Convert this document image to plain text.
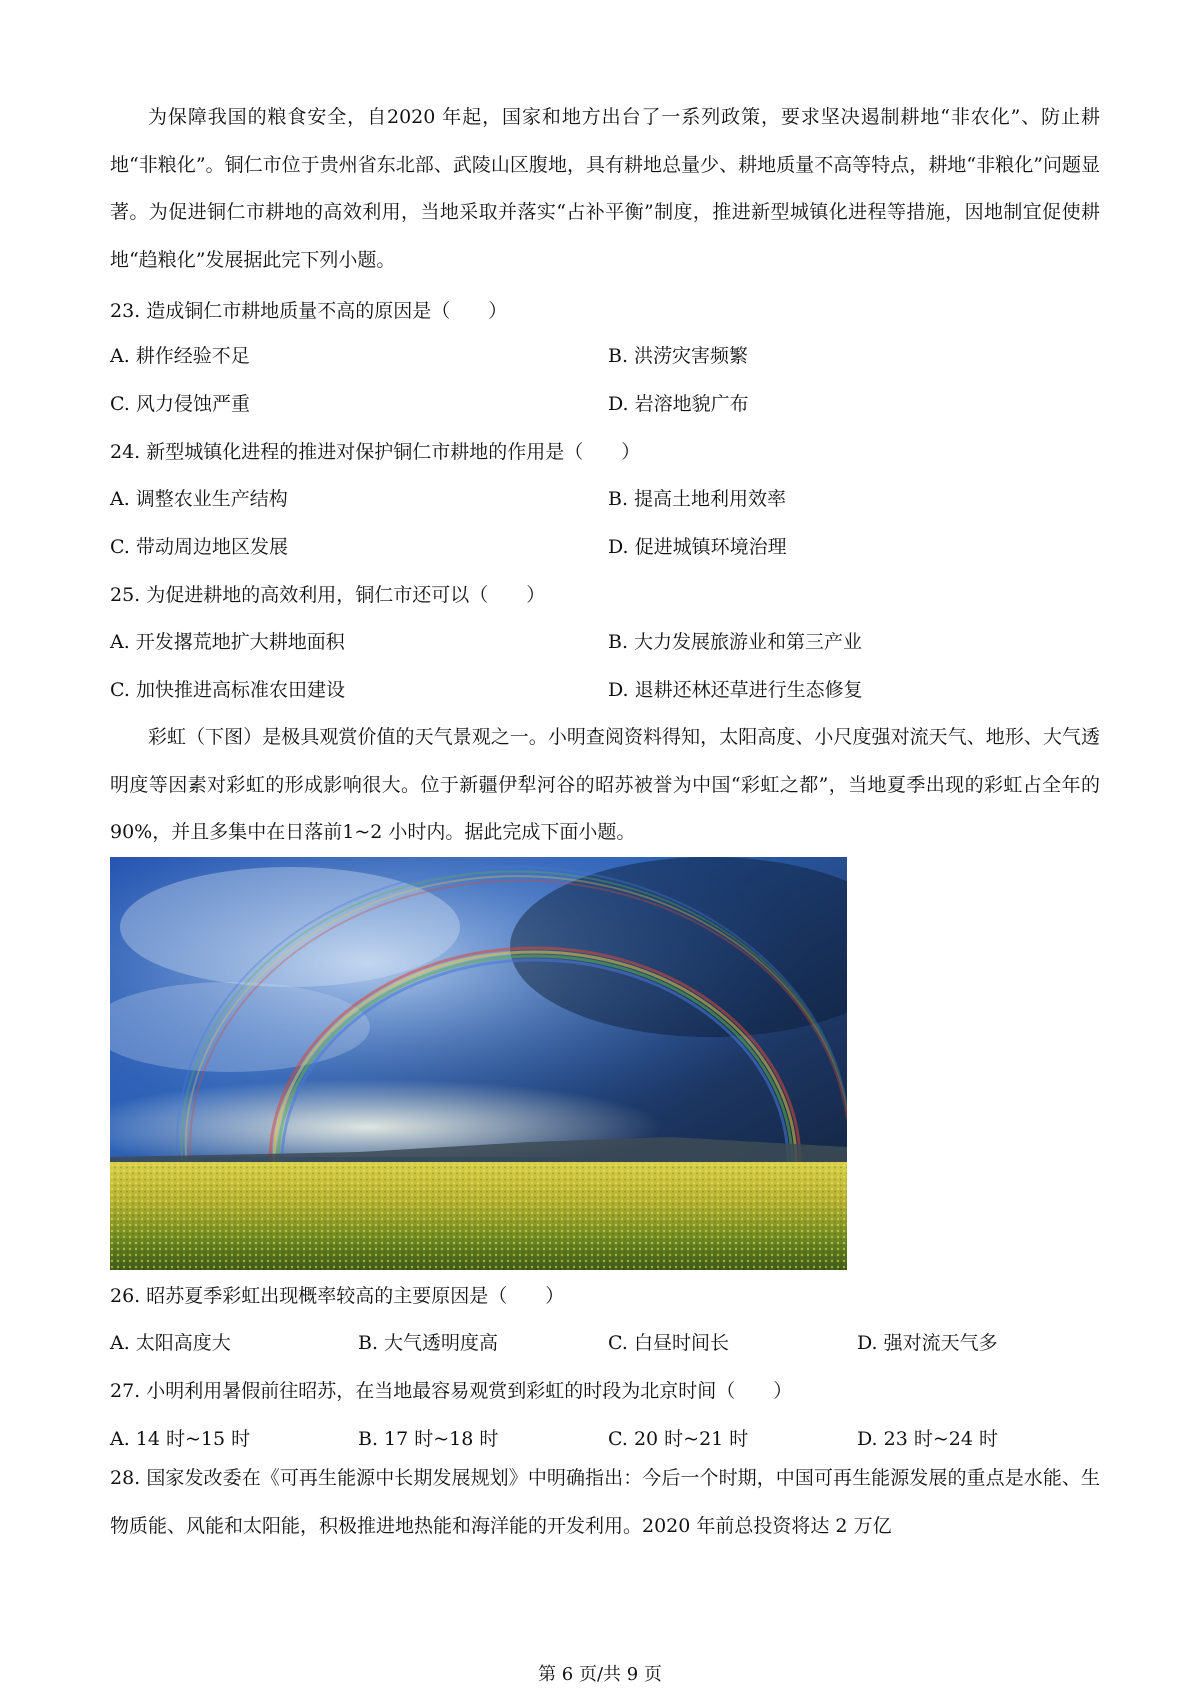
为保障我国的粮食安全，自2020 年起，国家和地方出台了一系列政策，要求坚决遏制耕地“非农化”、防止耕地“非粮化”。铜仁市位于贵州省东北部、武陵山区腹地，具有耕地总量少、耕地质量不高等特点，耕地“非粮化”问题显著。为促进铜仁市耕地的高效利用，当地采取并落实“占补平衡”制度，推进新型城镇化进程等措施，因地制宜促使耕地“趋粮化”发展据此完下列小题。

23. 造成铜仁市耕地质量不高的原因是（　　）
A. 耕作经验不足	B. 洪涝灾害频繁
C. 风力侵蚀严重	D. 岩溶地貌广布
24. 新型城镇化进程的推进对保护铜仁市耕地的作用是（　　）
A. 调整农业生产结构	B. 提高土地利用效率
C. 带动周边地区发展	D. 促进城镇环境治理
25. 为促进耕地的高效利用，铜仁市还可以（　　）
A. 开发撂荒地扩大耕地面积	B. 大力发展旅游业和第三产业
C. 加快推进高标准农田建设	D. 退耕还林还草进行生态修复

彩虹（下图）是极具观赏价值的天气景观之一。小明查阅资料得知，太阳高度、小尺度强对流天气、地形、大气透明度等因素对彩虹的形成影响很大。位于新疆伊犁河谷的昭苏被誉为中国“彩虹之都”，当地夏季出现的彩虹占全年的90%，并且多集中在日落前1~2 小时内。据此完成下面小题。

26. 昭苏夏季彩虹出现概率较高的主要原因是（　　）
A. 太阳高度大	B. 大气透明度高	C. 白昼时间长	D. 强对流天气多
27. 小明利用暑假前往昭苏，在当地最容易观赏到彩虹的时段为北京时间（　　）
A. 14 时~15 时	B. 17 时~18 时	C. 20 时~21 时	D. 23 时~24 时

28. 国家发改委在《可再生能源中长期发展规划》中明确指出：今后一个时期，中国可再生能源发展的重点是水能、生物质能、风能和太阳能，积极推进地热能和海洋能的开发利用。2020 年前总投资将达 2 万亿

第 6 页/共 9 页
